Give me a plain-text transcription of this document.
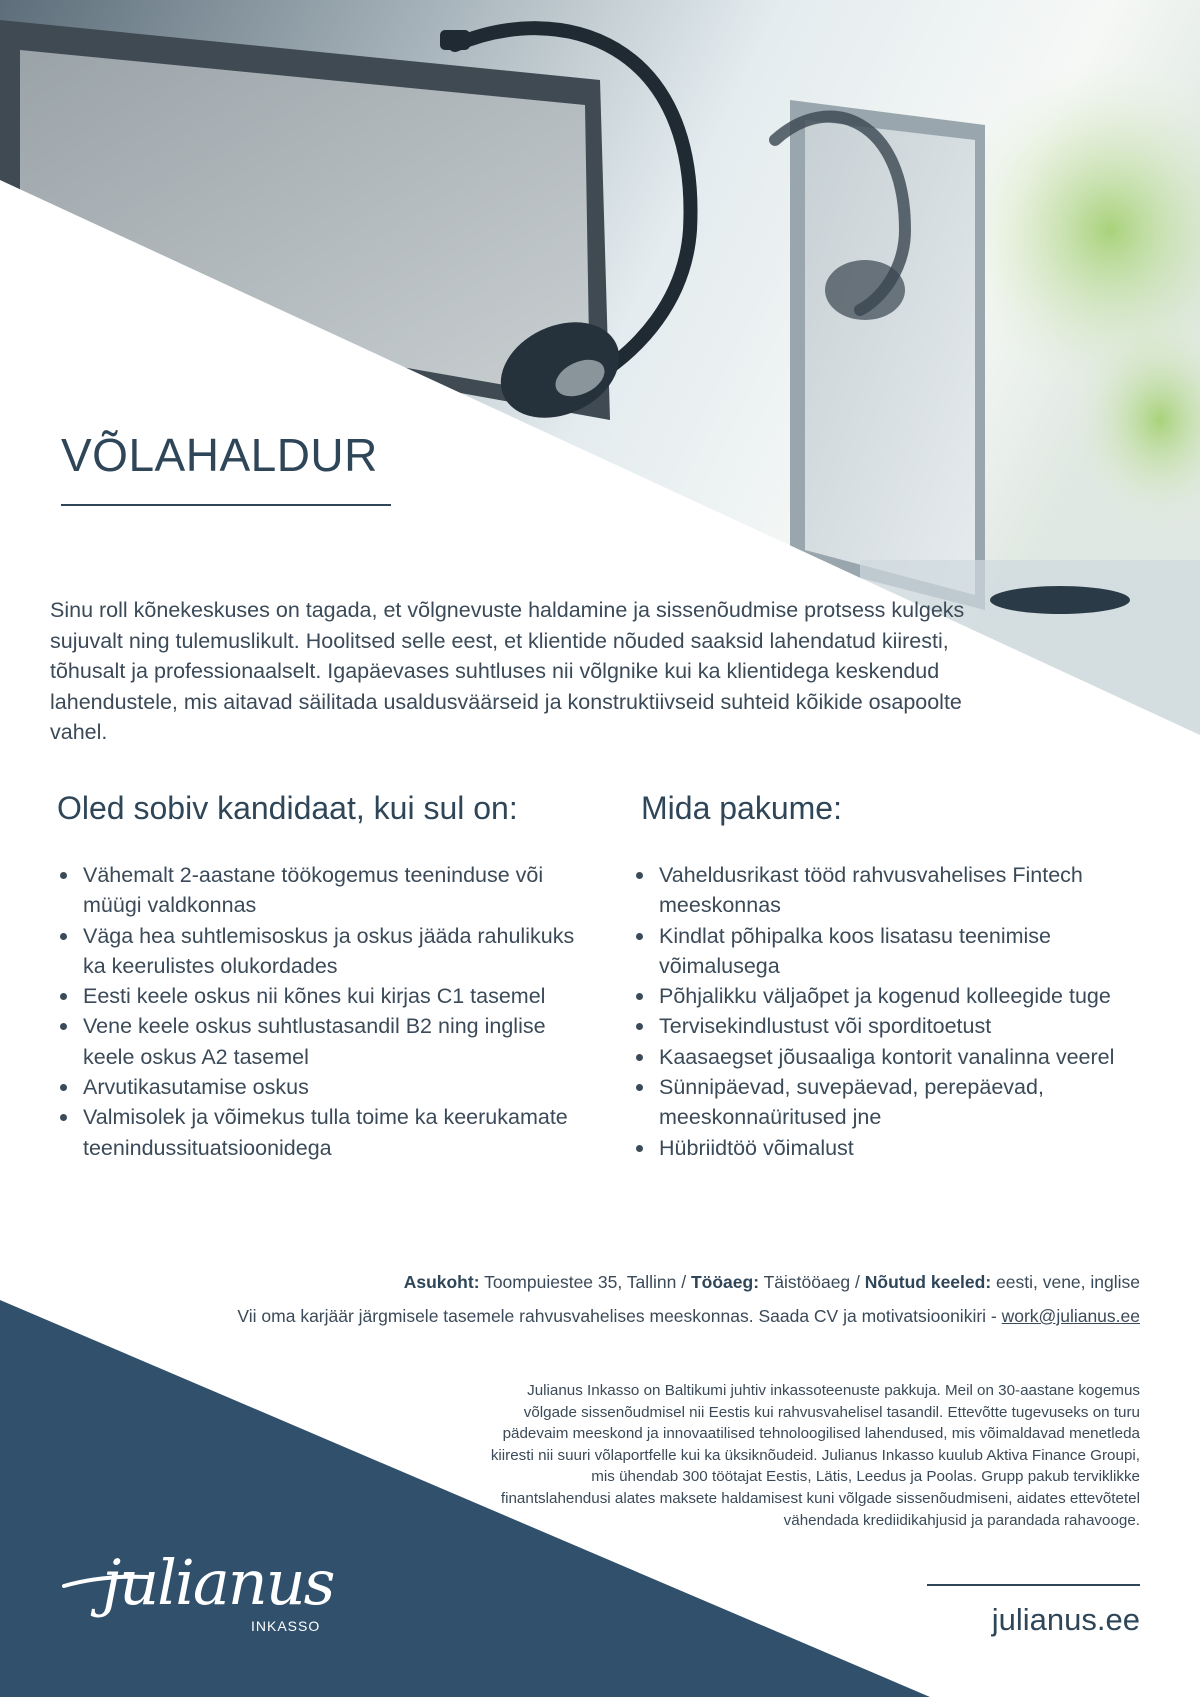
VÕLAHALDUR

Sinu roll kõnekeskuses on tagada, et võlgnevuste haldamine ja sissenõudmise protsess kulgeks sujuvalt ning tulemuslikult. Hoolitsed selle eest, et klientide nõuded saaksid lahendatud kiiresti, tõhusalt ja professionaalselt. Igapäevases suhtluses nii võlgnike kui ka klientidega keskendud lahendustele, mis aitavad säilitada usaldusväärseid ja konstruktiivseid suhteid kõikide osapoolte vahel.

Oled sobiv kandidaat, kui sul on:	Mida pakume:
Vähemalt 2-aastane töökogemus teeninduse või müügi valdkonnas
Väga hea suhtlemisoskus ja oskus jääda rahulikuks ka keerulistes olukordades
Eesti keele oskus nii kõnes kui kirjas C1 tasemel
Vene keele oskus suhtlustasandil B2 ning inglise keele oskus A2 tasemel
Arvutikasutamise oskus
Valmisolek ja võimekus tulla toime ka keerukamate teenindussituatsioonidega
Vaheldusrikast tööd rahvusvahelises Fintech meeskonnas
Kindlat põhipalka koos lisatasu teenimise võimalusega
Põhjalikku väljaõpet ja kogenud kolleegide tuge
Tervisekindlustust või sporditoetust
Kaasaegset jõusaaliga kontorit vanalinna veerel
Sünnipäevad, suvepäevad, perepäevad, meeskonnaüritused jne
Hübriidtöö võimalust

Asukoht: Toompuiestee 35, Tallinn / Tööaeg: Täistööaeg / Nõutud keeled: eesti, vene, inglise

Vii oma karjäär järgmisele tasemele rahvusvahelises meeskonnas. Saada CV ja motivatsioonikiri - work@julianus.ee

Julianus Inkasso on Baltikumi juhtiv inkassoteenuste pakkuja. Meil on 30-aastane kogemus võlgade sissenõudmisel nii Eestis kui rahvusvahelisel tasandil. Ettevõtte tugevuseks on turu pädevaim meeskond ja innovaatilised tehnoloogilised lahendused, mis võimaldavad menetleda kiiresti nii suuri võlaportfelle kui ka üksiknõudeid. Julianus Inkasso kuulub Aktiva Finance Groupi, mis ühendab 300 töötajat Eestis, Lätis, Leedus ja Poolas. Grupp pakub terviklikke finantslahendusi alates maksete haldamisest kuni võlgade sissenõudmiseni, aidates ettevõtetel vähendada krediidikahjusid ja parandada rahavooge.

julianus.ee

julianus

INKASSO
